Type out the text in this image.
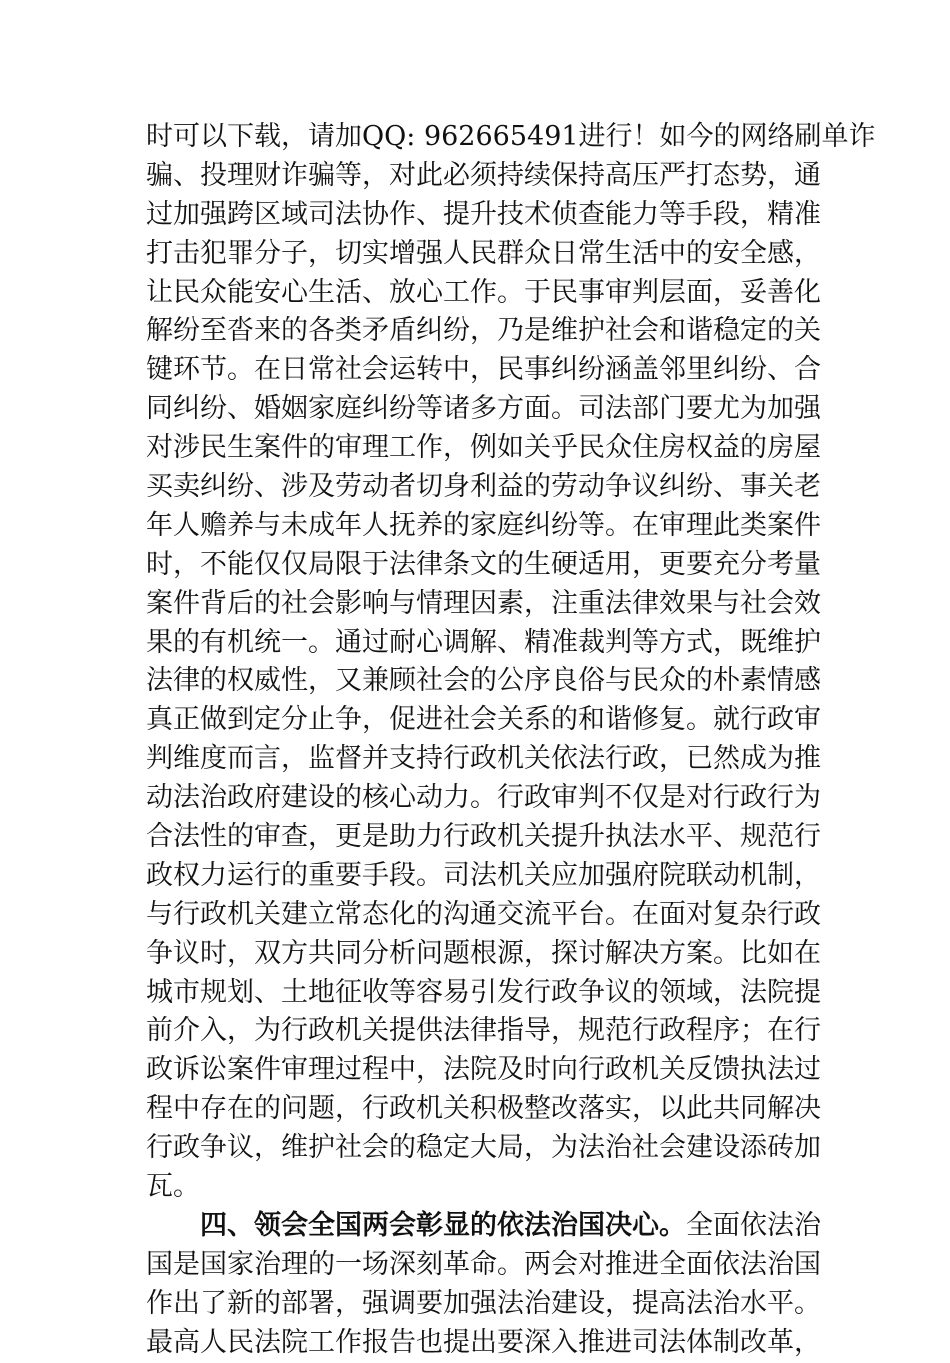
时可以下载，请加QQ: 962665491进行！如今的网络刷单诈
骗、投理财诈骗等，对此必须持续保持高压严打态势，通
过加强跨区域司法协作、提升技术侦查能力等手段，精准
打击犯罪分子，切实增强人民群众日常生活中的安全感，
让民众能安心生活、放心工作。于民事审判层面，妥善化
解纷至沓来的各类矛盾纠纷，乃是维护社会和谐稳定的关
键环节。在日常社会运转中，民事纠纷涵盖邻里纠纷、合
同纠纷、婚姻家庭纠纷等诸多方面。司法部门要尤为加强
对涉民生案件的审理工作，例如关乎民众住房权益的房屋
买卖纠纷、涉及劳动者切身利益的劳动争议纠纷、事关老
年人赡养与未成年人抚养的家庭纠纷等。在审理此类案件
时，不能仅仅局限于法律条文的生硬适用，更要充分考量
案件背后的社会影响与情理因素，注重法律效果与社会效
果的有机统一。通过耐心调解、精准裁判等方式，既维护
法律的权威性，又兼顾社会的公序良俗与民众的朴素情感
真正做到定分止争，促进社会关系的和谐修复。就行政审
判维度而言，监督并支持行政机关依法行政，已然成为推
动法治政府建设的核心动力。行政审判不仅是对行政行为
合法性的审查，更是助力行政机关提升执法水平、规范行
政权力运行的重要手段。司法机关应加强府院联动机制，
与行政机关建立常态化的沟通交流平台。在面对复杂行政
争议时，双方共同分析问题根源，探讨解决方案。比如在
城市规划、土地征收等容易引发行政争议的领域，法院提
前介入，为行政机关提供法律指导，规范行政程序；在行
政诉讼案件审理过程中，法院及时向行政机关反馈执法过
程中存在的问题，行政机关积极整改落实，以此共同解决
行政争议，维护社会的稳定大局，为法治社会建设添砖加
瓦。
四、领会全国两会彰显的依法治国决心。全面依法治
国是国家治理的一场深刻革命。两会对推进全面依法治国
作出了新的部署，强调要加强法治建设，提高法治水平。
最高人民法院工作报告也提出要深入推进司法体制改革，
